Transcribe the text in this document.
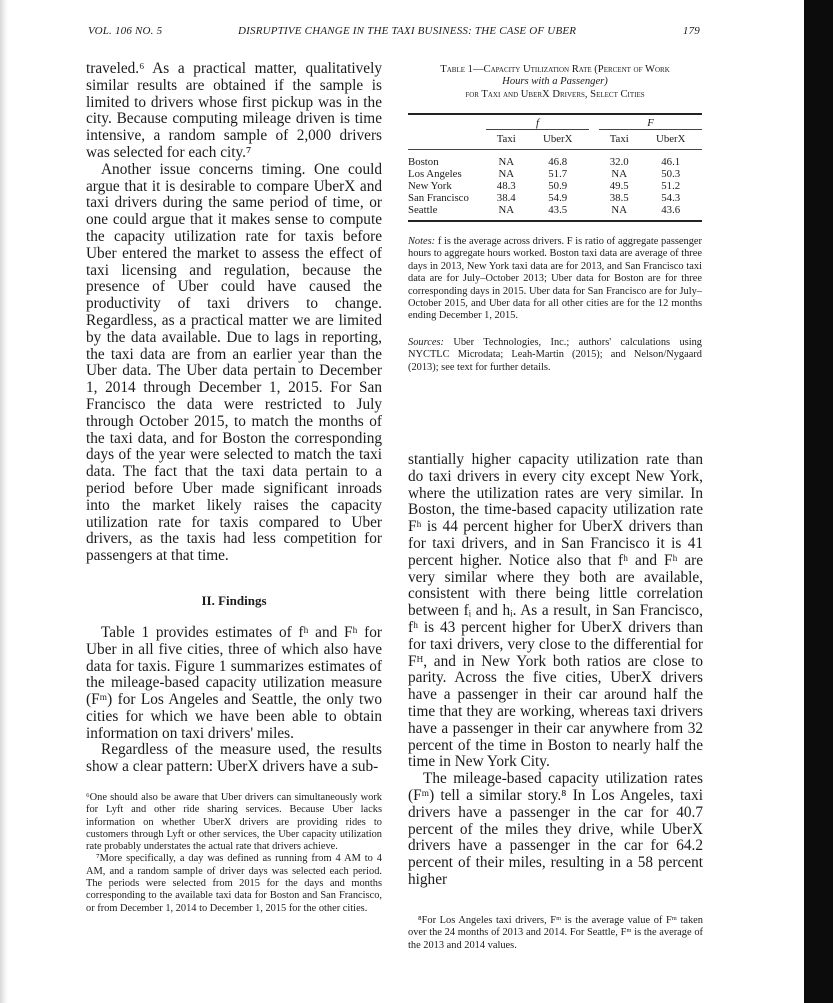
VOL. 106 NO. 5	DISRUPTIVE CHANGE IN THE TAXI BUSINESS: THE CASE OF UBER	179

traveled.⁶ As a practical matter, qualitatively similar results are obtained if the sample is limited to drivers whose first pickup was in the city. Because computing mileage driven is time intensive, a random sample of 2,000 drivers was selected for each city.⁷

Another issue concerns timing. One could argue that it is desirable to compare UberX and taxi drivers during the same period of time, or one could argue that it makes sense to compute the capacity utilization rate for taxis before Uber entered the market to assess the effect of taxi licensing and regulation, because the presence of Uber could have caused the productivity of taxi drivers to change. Regardless, as a practical matter we are limited by the data available. Due to lags in reporting, the taxi data are from an earlier year than the Uber data. The Uber data pertain to December 1, 2014 through December 1, 2015. For San Francisco the data were restricted to July through October 2015, to match the months of the taxi data, and for Boston the corresponding days of the year were selected to match the taxi data. The fact that the taxi data pertain to a period before Uber made significant inroads into the market likely raises the capacity utilization rate for taxis compared to Uber drivers, as the taxis had less competition for passengers at that time.

II. Findings

Table 1 provides estimates of fʰ and Fʰ for Uber in all five cities, three of which also have data for taxis. Figure 1 summarizes estimates of the mileage-based capacity utilization measure (Fᵐ) for Los Angeles and Seattle, the only two cities for which we have been able to obtain information on taxi drivers' miles.

Regardless of the measure used, the results show a clear pattern: UberX drivers have a sub-

Table 1—Capacity Utilization Rate (Percent of Work
Hours with a Passenger)
for Taxi and UberX Drivers, Select Cities
	f			F	
	Taxi	UberX		Taxi	UberX
Boston	NA	46.8		32.0	46.1
Los Angeles	NA	51.7		NA	50.3
New York	48.3	50.9		49.5	51.2
San Francisco	38.4	54.9		38.5	54.3
Seattle	NA	43.5		NA	43.6
Notes: f is the average across drivers. F is ratio of aggregate passenger hours to aggregate hours worked. Boston taxi data are average of three days in 2013, New York taxi data are for 2013, and San Francisco taxi data are for July–October 2013; Uber data for Boston are for three corresponding days in 2015. Uber data for San Francisco are for July–October 2015, and Uber data for all other cities are for the 12 months ending December 1, 2015.
Sources: Uber Technologies, Inc.; authors' calculations using NYCTLC Microdata; Leah-Martin (2015); and Nelson/Nygaard (2013); see text for further details.

stantially higher capacity utilization rate than do taxi drivers in every city except New York, where the utilization rates are very similar. In Boston, the time-based capacity utilization rate Fʰ is 44 percent higher for UberX drivers than for taxi drivers, and in San Francisco it is 41 percent higher. Notice also that fʰ and Fʰ are very similar where they both are available, consistent with there being little correlation between fᵢ and hᵢ. As a result, in San Francisco, fʰ is 43 percent higher for UberX drivers than for taxi drivers, very close to the differential for Fᴴ, and in New York both ratios are close to parity. Across the five cities, UberX drivers have a passenger in their car around half the time that they are working, whereas taxi drivers have a passenger in their car anywhere from 32 percent of the time in Boston to nearly half the time in New York City.

The mileage-based capacity utilization rates (Fᵐ) tell a similar story.⁸ In Los Angeles, taxi drivers have a passenger in the car for 40.7 percent of the miles they drive, while UberX drivers have a passenger in the car for 64.2 percent of their miles, resulting in a 58 percent higher

⁶One should also be aware that Uber drivers can simultaneously work for Lyft and other ride sharing services. Because Uber lacks information on whether UberX drivers are providing rides to customers through Lyft or other services, the Uber capacity utilization rate probably understates the actual rate that drivers achieve.

⁷More specifically, a day was defined as running from 4 AM to 4 AM, and a random sample of driver days was selected each period. The periods were selected from 2015 for the days and months corresponding to the available taxi data for Boston and San Francisco, or from December 1, 2014 to December 1, 2015 for the other cities.

⁸For Los Angeles taxi drivers, Fᵐ is the average value of Fᵐ taken over the 24 months of 2013 and 2014. For Seattle, Fᵐ is the average of the 2013 and 2014 values.
